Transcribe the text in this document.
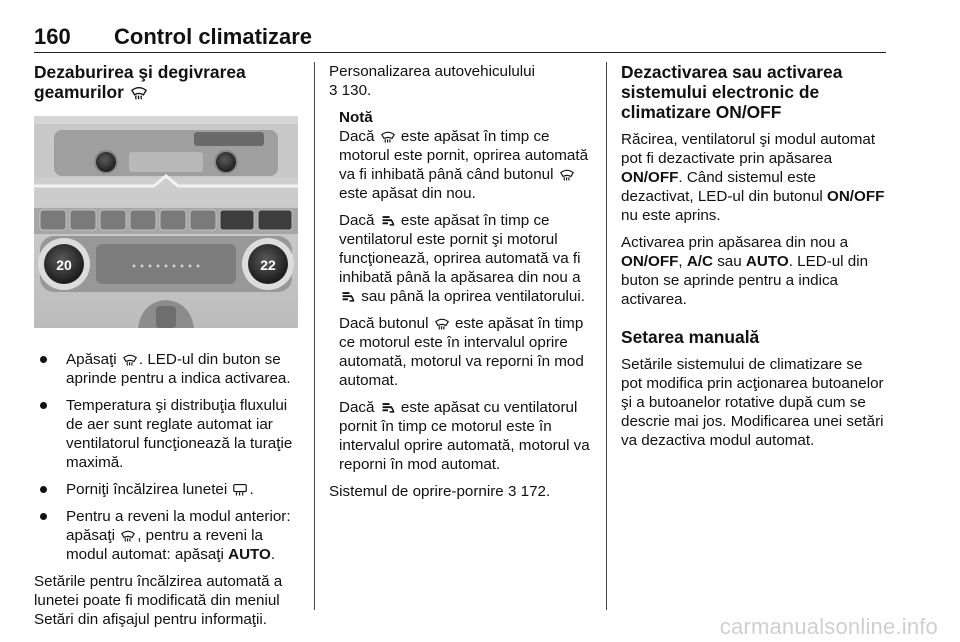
160 Control climatizare
Dezaburirea şi degivrarea geamurilor
20	22
Apăsaţi . LED-ul din buton se aprinde pentru a indica activarea.
Temperatura şi distribuţia fluxului de aer sunt reglate automat iar ventilatorul funcţionează la turaţie maximă.
Porniţi încălzirea lunetei .
Pentru a reveni la modul anterior: apăsaţi , pentru a reveni la modul automat: apăsaţi AUTO.

Setările pentru încălzirea automată a lunetei poate fi modificată din meniul Setări din afişajul pentru informaţii.

Personalizarea autovehiculului
3 130.

Notă

Dacă  este apăsat în timp ce motorul este pornit, oprirea automată va fi inhibată până când butonul  este apăsat din nou.

Dacă  este apăsat în timp ce ventilatorul este pornit şi motorul funcţionează, oprirea automată va fi inhibată până la apăsarea din nou a  sau până la oprirea ventilatorului.

Dacă butonul  este apăsat în timp ce motorul este în intervalul oprire automată, motorul va reporni în mod automat.

Dacă  este apăsat cu ventilatorul pornit în timp ce motorul este în intervalul oprire automată, motorul va reporni în mod automat.

Sistemul de oprire-pornire 3 172.

Dezactivarea sau activarea sistemului electronic de climatizare ON/OFF

Răcirea, ventilatorul şi modul automat pot fi dezactivate prin apăsarea ON/OFF. Când sistemul este dezactivat, LED-ul din butonul ON/OFF nu este aprins.

Activarea prin apăsarea din nou a ON/OFF, A/C sau AUTO. LED-ul din buton se aprinde pentru a indica activarea.

Setarea manuală

Setările sistemului de climatizare se pot modifica prin acţionarea butoanelor şi a butoanelor rotative după cum se descrie mai jos. Modificarea unei setări va dezactiva modul automat.

carmanualsonline.info
